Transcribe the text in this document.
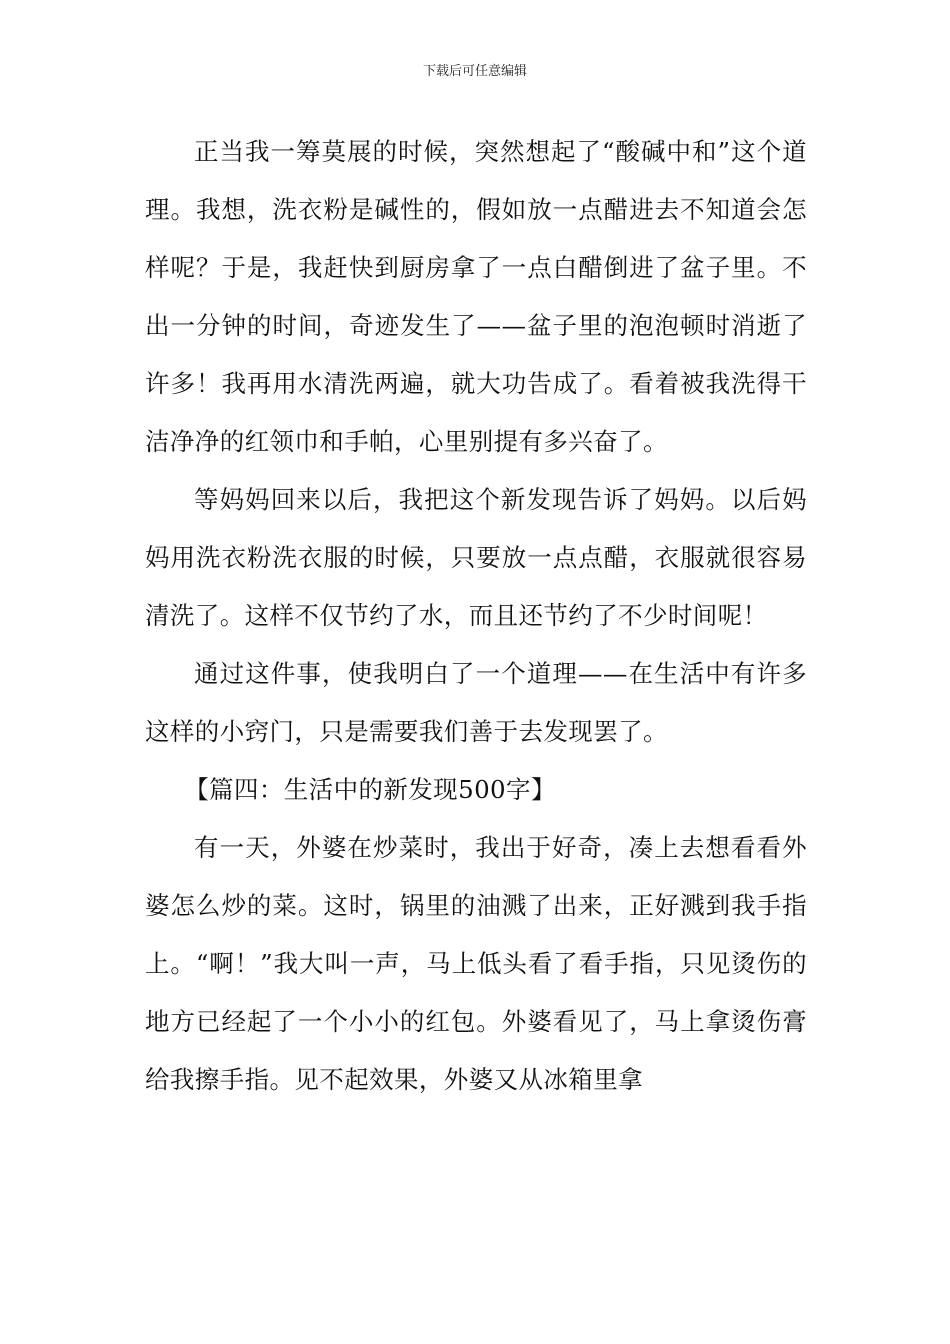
下载后可任意编辑

正当我一筹莫展的时候，突然想起了“酸碱中和”这个道理。我想，洗衣粉是碱性的，假如放一点醋进去不知道会怎样呢？于是，我赶快到厨房拿了一点白醋倒进了盆子里。不出一分钟的时间，奇迹发生了——盆子里的泡泡顿时消逝了许多！我再用水清洗两遍，就大功告成了。看着被我洗得干洁净净的红领巾和手帕，心里别提有多兴奋了。

等妈妈回来以后，我把这个新发现告诉了妈妈。以后妈妈用洗衣粉洗衣服的时候，只要放一点点醋，衣服就很容易清洗了。这样不仅节约了水，而且还节约了不少时间呢！

通过这件事，使我明白了一个道理——在生活中有许多这样的小窍门，只是需要我们善于去发现罢了。

【篇四：生活中的新发现500字】

有一天，外婆在炒菜时，我出于好奇，凑上去想看看外婆怎么炒的菜。这时，锅里的油溅了出来，正好溅到我手指上。“啊！”我大叫一声，马上低头看了看手指，只见烫伤的地方已经起了一个小小的红包。外婆看见了，马上拿烫伤膏给我擦手指。见不起效果，外婆又从冰箱里拿
